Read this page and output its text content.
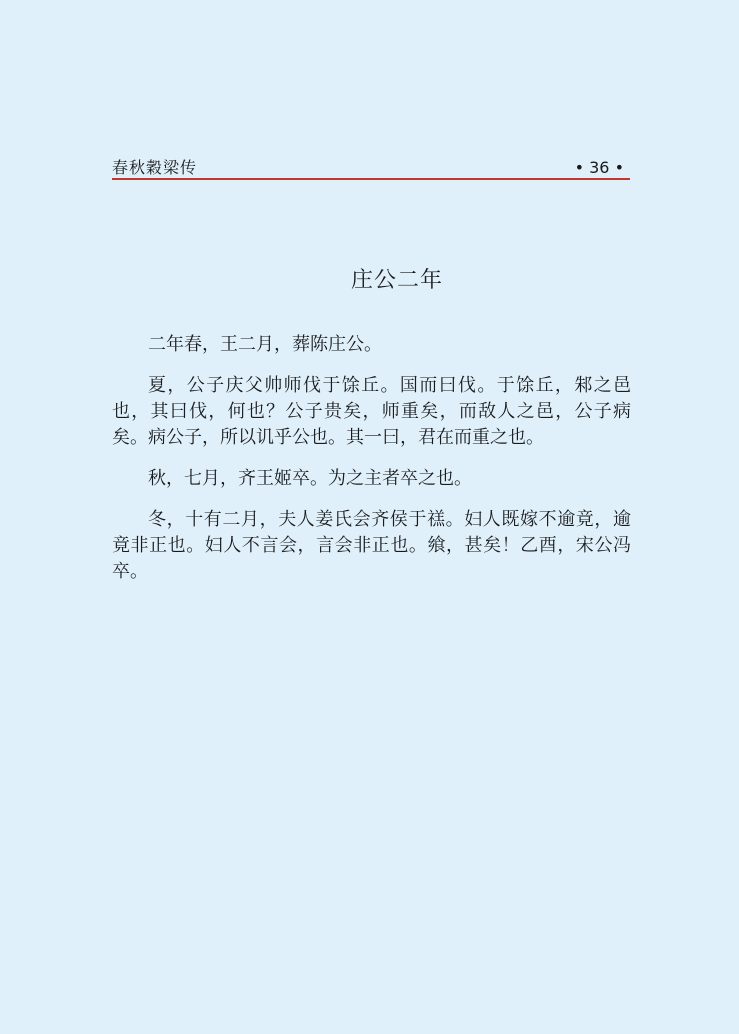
春秋穀梁传	• 36 •
庄公二年

二年春，王二月，葬陈庄公。

夏，公子庆父帅师伐于馀丘。国而曰伐。于馀丘，邾之邑也，其曰伐，何也？公子贵矣，师重矣，而敌人之邑，公子病矣。病公子，所以讥乎公也。其一曰，君在而重之也。

秋，七月，齐王姬卒。为之主者卒之也。

冬，十有二月，夫人姜氏会齐侯于禚。妇人既嫁不逾竟，逾竟非正也。妇人不言会，言会非正也。飨，甚矣！乙酉，宋公冯卒。
